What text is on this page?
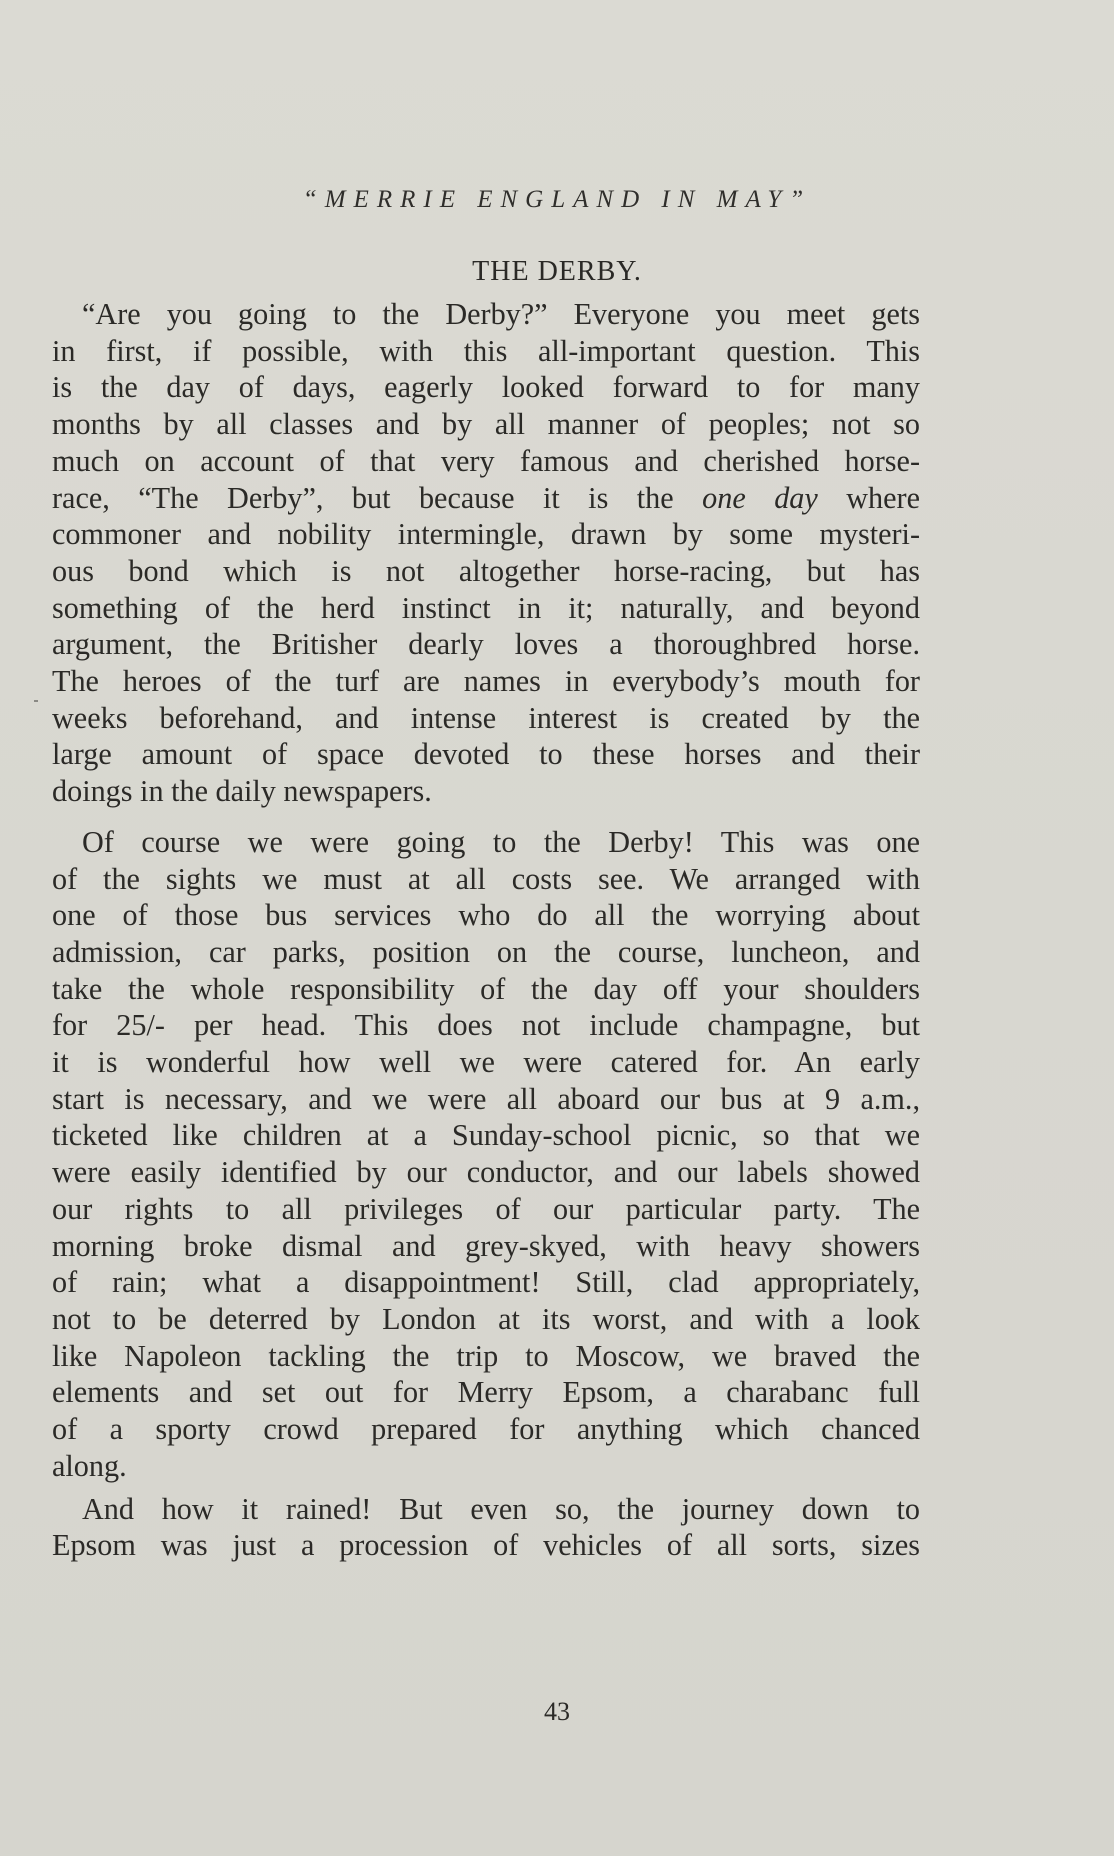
“MERRIE ENGLAND IN MAY”
THE DERBY.
“Are you going to the Derby?” Everyone you meet gets
in first, if possible, with this all-important question. This
is the day of days, eagerly looked forward to for many
months by all classes and by all manner of peoples; not so
much on account of that very famous and cherished horse-
race, “The Derby”, but because it is the one day where
commoner and nobility intermingle, drawn by some mysteri-
ous bond which is not altogether horse-racing, but has
something of the herd instinct in it; naturally, and beyond
argument, the Britisher dearly loves a thoroughbred horse.
The heroes of the turf are names in everybody’s mouth for
weeks beforehand, and intense interest is created by the
large amount of space devoted to these horses and their
doings in the daily newspapers.
Of course we were going to the Derby! This was one
of the sights we must at all costs see. We arranged with
one of those bus services who do all the worrying about
admission, car parks, position on the course, luncheon, and
take the whole responsibility of the day off your shoulders
for 25/- per head. This does not include champagne, but
it is wonderful how well we were catered for. An early
start is necessary, and we were all aboard our bus at 9 a.m.,
ticketed like children at a Sunday-school picnic, so that we
were easily identified by our conductor, and our labels showed
our rights to all privileges of our particular party. The
morning broke dismal and grey-skyed, with heavy showers
of rain; what a disappointment! Still, clad appropriately,
not to be deterred by London at its worst, and with a look
like Napoleon tackling the trip to Moscow, we braved the
elements and set out for Merry Epsom, a charabanc full
of a sporty crowd prepared for anything which chanced
along.
And how it rained! But even so, the journey down to
Epsom was just a procession of vehicles of all sorts, sizes
43
